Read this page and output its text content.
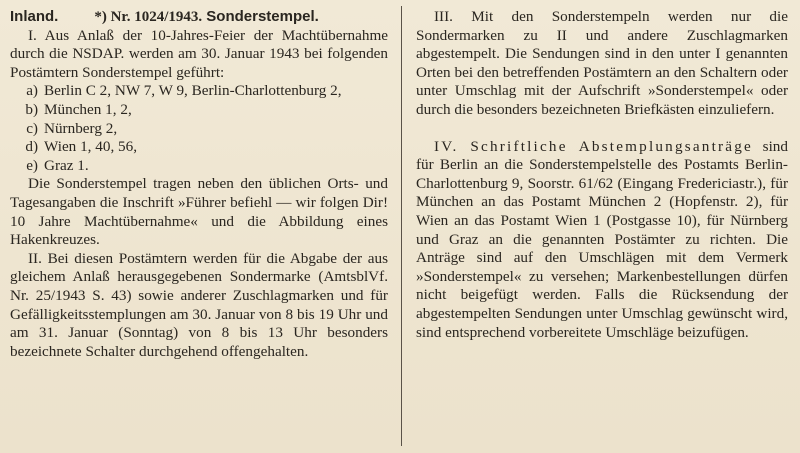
Inland. *) Nr. 1024/1943. Sonderstempel.

I. Aus Anlaß der 10-Jahres-Feier der Machtübernahme durch die NSDAP. werden am 30. Januar 1943 bei folgenden Postämtern Sonderstempel geführt:

a) Berlin C 2, NW 7, W 9, Berlin-Charlottenburg 2,
b) München 1, 2,
c) Nürnberg 2,
d) Wien 1, 40, 56,
e) Graz 1.

Die Sonderstempel tragen neben den üblichen Orts- und Tagesangaben die Inschrift »Führer befiehl — wir folgen Dir! 10 Jahre Machtübernahme« und die Abbildung eines Hakenkreuzes.

II. Bei diesen Postämtern werden für die Abgabe der aus gleichem Anlaß herausgegebenen Sondermarke (AmtsblVf. Nr. 25/1943 S. 43) sowie anderer Zuschlagmarken und für Gefälligkeitsstemplungen am 30. Januar von 8 bis 19 Uhr und am 31. Januar (Sonntag) von 8 bis 13 Uhr besonders bezeichnete Schalter durchgehend offengehalten.

III. Mit den Sonderstempeln werden nur die Sondermarken zu II und andere Zuschlagmarken abgestempelt. Die Sendungen sind in den unter I genannten Orten bei den betreffenden Postämtern an den Schaltern oder unter Umschlag mit der Aufschrift »Sonderstempel« oder durch die besonders bezeichneten Briefkästen einzuliefern.

IV. Schriftliche Abstemplungsanträge sind für Berlin an die Sonderstempelstelle des Postamts Berlin-Charlottenburg 9, Soorstr. 61/62 (Eingang Fredericiastr.), für München an das Postamt München 2 (Hopfenstr. 2), für Wien an das Postamt Wien 1 (Postgasse 10), für Nürnberg und Graz an die genannten Postämter zu richten. Die Anträge sind auf den Umschlägen mit dem Vermerk »Sonderstempel« zu versehen; Markenbestellungen dürfen nicht beigefügt werden. Falls die Rücksendung der abgestempelten Sendungen unter Umschlag gewünscht wird, sind entsprechend vorbereitete Umschläge beizufügen.
